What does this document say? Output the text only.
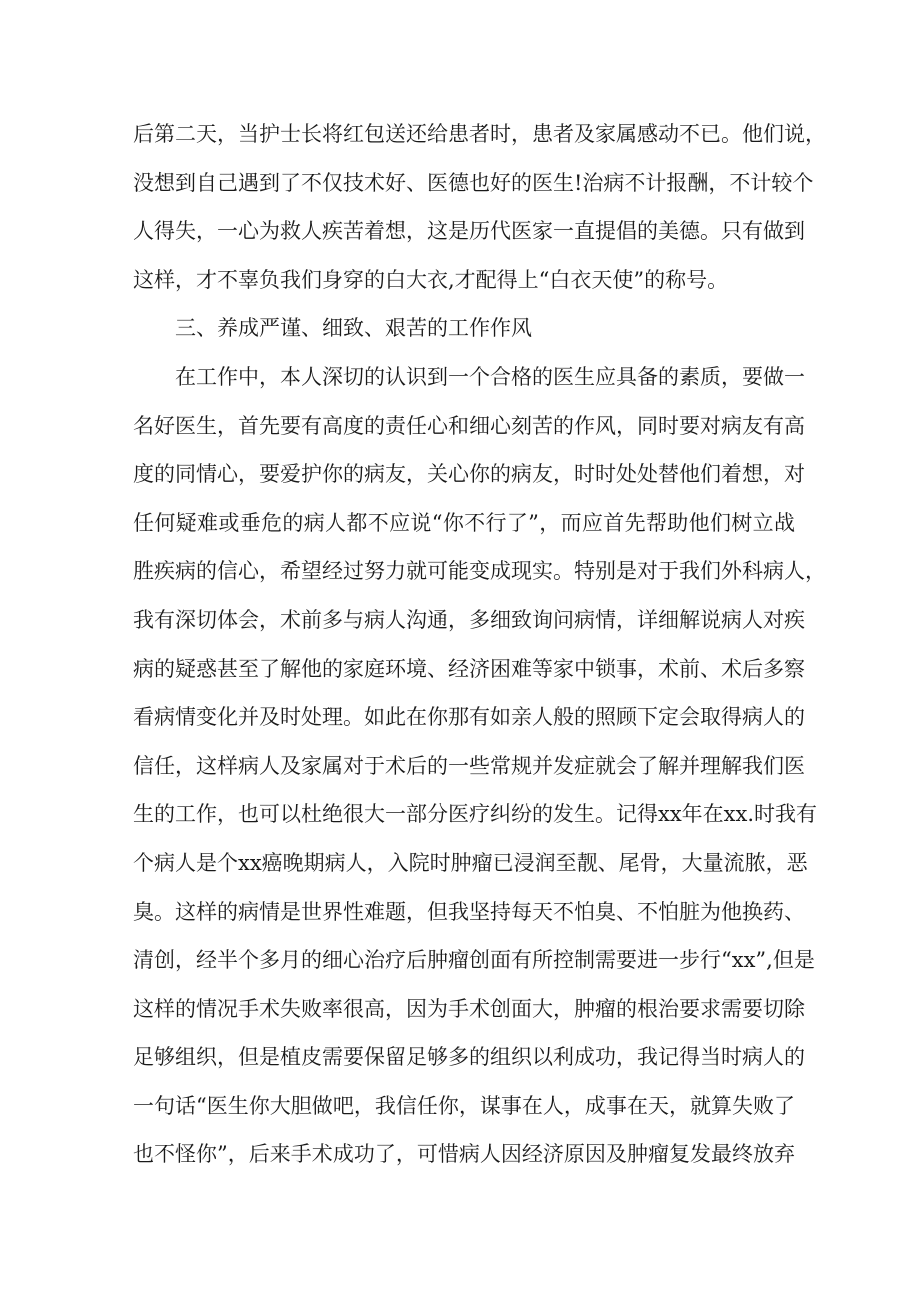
后第二天，当护士长将红包送还给患者时，患者及家属感动不已。他们说，
没想到自己遇到了不仅技术好、医德也好的医生!治病不计报酬，不计较个
人得失，一心为救人疾苦着想，这是历代医家一直提倡的美德。只有做到
这样，才不辜负我们身穿的白大衣,才配得上“白衣天使”的称号。
三、养成严谨、细致、艰苦的工作作风
在工作中，本人深切的认识到一个合格的医生应具备的素质，要做一
名好医生，首先要有高度的责任心和细心刻苦的作风，同时要对病友有高
度的同情心，要爱护你的病友，关心你的病友，时时处处替他们着想，对
任何疑难或垂危的病人都不应说“你不行了”，而应首先帮助他们树立战
胜疾病的信心，希望经过努力就可能变成现实。特别是对于我们外科病人，
我有深切体会，术前多与病人沟通，多细致询问病情，详细解说病人对疾
病的疑惑甚至了解他的家庭环境、经济困难等家中锁事，术前、术后多察
看病情变化并及时处理。如此在你那有如亲人般的照顾下定会取得病人的
信任，这样病人及家属对于术后的一些常规并发症就会了解并理解我们医
生的工作，也可以杜绝很大一部分医疗纠纷的发生。记得xx年在xx.时我有
个病人是个xx癌晚期病人，入院时肿瘤已浸润至靓、尾骨，大量流脓，恶
臭。这样的病情是世界性难题，但我坚持每天不怕臭、不怕脏为他换药、
清创，经半个多月的细心治疗后肿瘤创面有所控制需要进一步行“xx”,但是
这样的情况手术失败率很高，因为手术创面大，肿瘤的根治要求需要切除
足够组织，但是植皮需要保留足够多的组织以利成功，我记得当时病人的
一句话“医生你大胆做吧，我信任你，谋事在人，成事在天，就算失败了
也不怪你”，后来手术成功了，可惜病人因经济原因及肿瘤复发最终放弃
